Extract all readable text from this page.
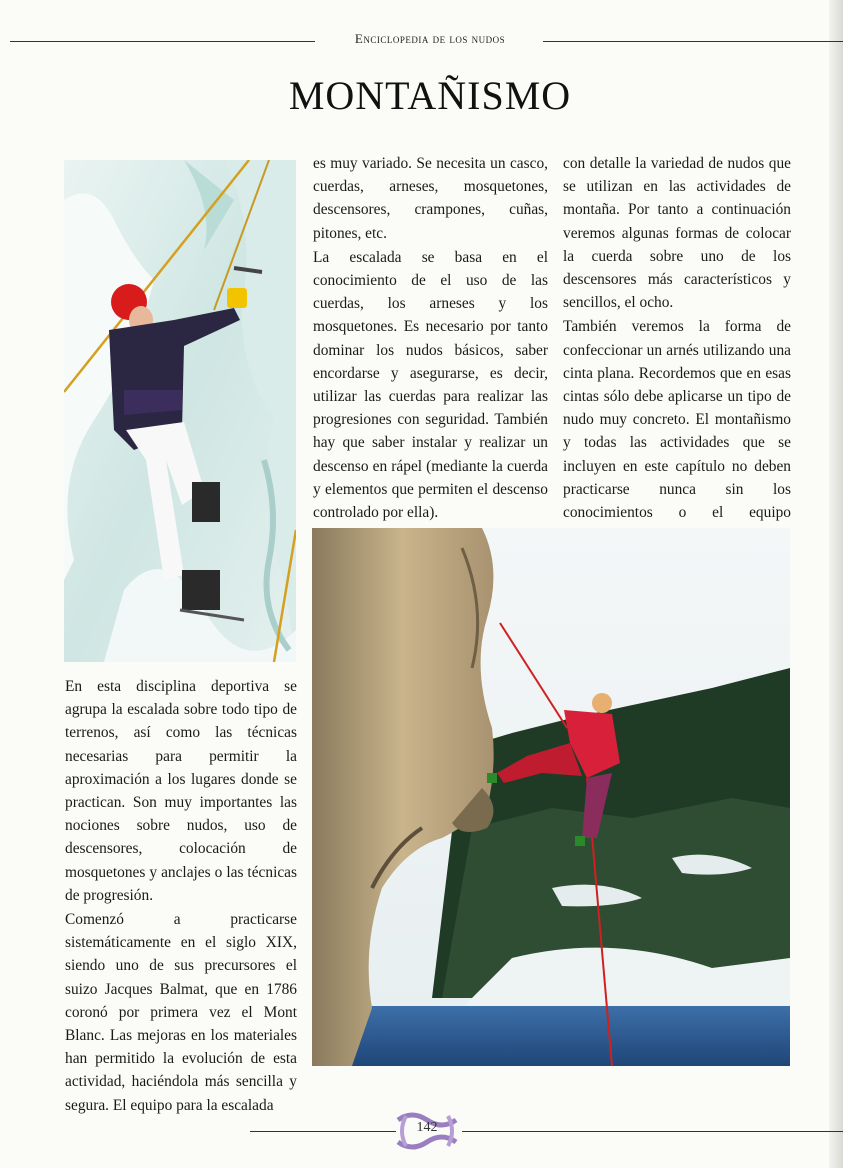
Enciclopedia de los nudos
MONTAÑISMO

En esta disciplina deportiva se agrupa la escalada sobre todo tipo de terrenos, así como las técnicas necesarias para permitir la aproximación a los lugares donde se practican. Son muy importantes las nociones sobre nudos, uso de descensores, colocación de mosquetones y anclajes o las técnicas de progresión.

Comenzó a practicarse sistemáticamente en el siglo XIX, siendo uno de sus precursores el suizo Jacques Balmat, que en 1786 coronó por primera vez el Mont Blanc. Las mejoras en los materiales han permitido la evolución de esta actividad, haciéndola más sencilla y segura. El equipo para la escalada

es muy variado. Se necesita un casco, cuerdas, arneses, mosquetones, descensores, crampones, cuñas, pitones, etc.

La escalada se basa en el conocimiento de el uso de las cuerdas, los arneses y los mosquetones. Es necesario por tanto dominar los nudos básicos, saber encordarse y asegurarse, es decir, utilizar las cuerdas para realizar las progresiones con seguridad. También hay que saber instalar y realizar un descenso en rápel (mediante la cuerda y elementos que permiten el descenso controlado por ella).

con detalle la variedad de nudos que se utilizan en las actividades de montaña. Por tanto a continuación veremos algunas formas de colocar la cuerda sobre uno de los descensores más característicos y sencillos, el ocho.

También veremos la forma de confeccionar un arnés utilizando una cinta plana. Recordemos que en esas cintas sólo debe aplicarse un tipo de nudo muy concreto. El montañismo y todas las actividades que se incluyen en este capítulo no deben practicarse nunca sin los conocimientos o el equipo

142
